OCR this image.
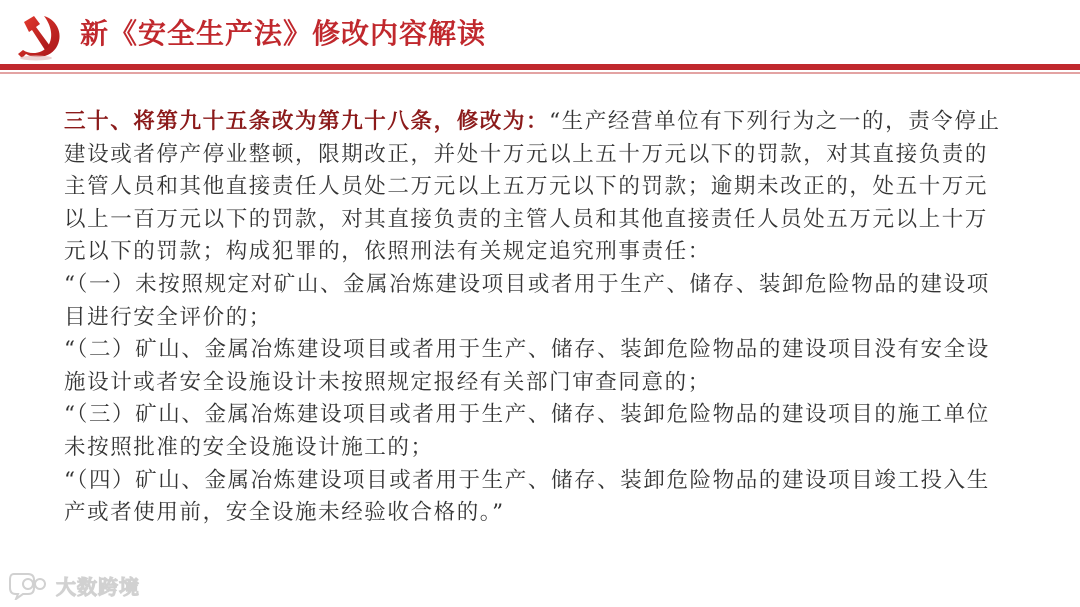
新《安全生产法》修改内容解读

三十、将第九十五条改为第九十八条，修改为：“生产经营单位有下列行为之一的，责令停止建设或者停产停业整顿，限期改正，并处十万元以上五十万元以下的罚款，对其直接负责的主管人员和其他直接责任人员处二万元以上五万元以下的罚款；逾期未改正的，处五十万元以上一百万元以下的罚款，对其直接负责的主管人员和其他直接责任人员处五万元以上十万元以下的罚款；构成犯罪的，依照刑法有关规定追究刑事责任：

“（一）未按照规定对矿山、金属冶炼建设项目或者用于生产、储存、装卸危险物品的建设项目进行安全评价的；

“（二）矿山、金属冶炼建设项目或者用于生产、储存、装卸危险物品的建设项目没有安全设施设计或者安全设施设计未按照规定报经有关部门审查同意的；

“（三）矿山、金属冶炼建设项目或者用于生产、储存、装卸危险物品的建设项目的施工单位未按照批准的安全设施设计施工的；

“（四）矿山、金属冶炼建设项目或者用于生产、储存、装卸危险物品的建设项目竣工投入生产或者使用前，安全设施未经验收合格的。”

大数跨境
